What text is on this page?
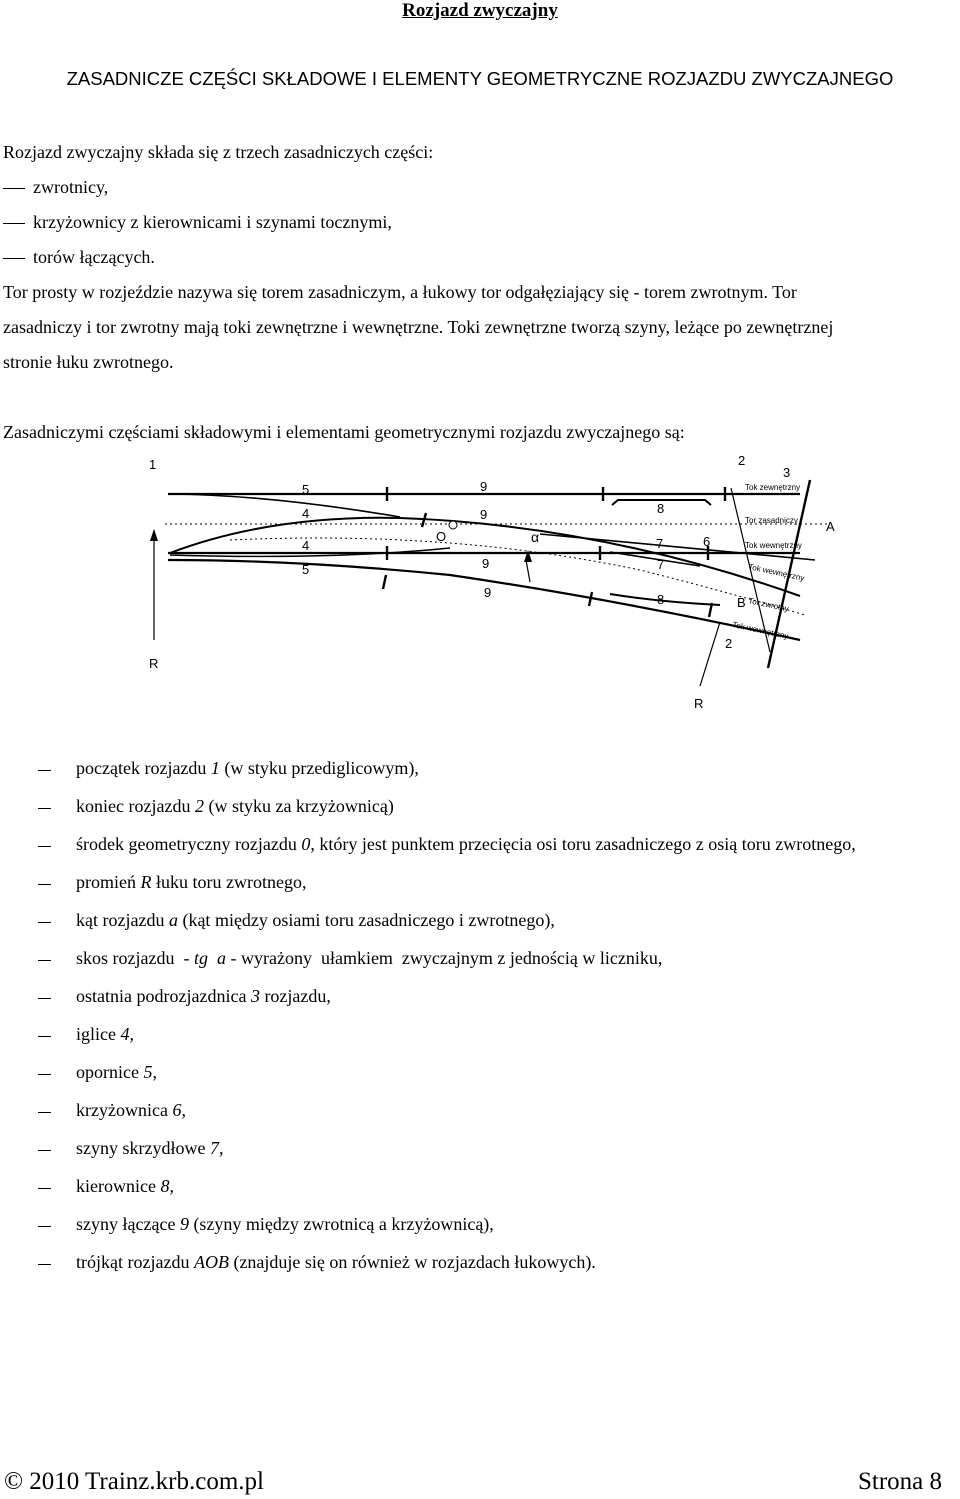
Rozjazd zwyczajny
ZASADNICZE CZĘŚCI SKŁADOWE I ELEMENTY GEOMETRYCZNE ROZJAZDU ZWYCZAJNEGO
Rozjazd zwyczajny składa się z trzech zasadniczych części:
zwrotnicy,
krzyżownicy z kierownicami i szynami tocznymi,
torów łączących.
Tor prosty w rozjeździe nazywa się torem zasadniczym, a łukowy tor odgałęziający się - torem zwrotnym. Tor
zasadniczy i tor zwrotny mają toki zewnętrzne i wewnętrzne. Toki zewnętrzne tworzą szyny, leżące po zewnętrznej
stronie łuku zwrotnego.
Zasadniczymi częściami składowymi i elementami geometrycznymi rozjazdu zwyczajnego są:
1	2
3
5
4
4
5
9
9
9
9
O	α
8
7	6
7
8
A
B
2
R
R
Tok zewnętrzny
Tor zasadniczy
Tok wewnętrzny
Tok wewnętrzny
Tor zwrotny
Tok wewnętrzny
początek rozjazdu 1 (w styku przediglicowym),
koniec rozjazdu 2 (w styku za krzyżownicą)
środek geometryczny rozjazdu 0, który jest punktem przecięcia osi toru zasadniczego z osią toru zwrotnego,
promień R łuku toru zwrotnego,
kąt rozjazdu a (kąt między osiami toru zasadniczego i zwrotnego),
skos rozjazdu  - tg  a - wyrażony  ułamkiem  zwyczajnym z jednością w liczniku,
ostatnia podrozjazdnica 3 rozjazdu,
iglice 4,
opornice 5,
krzyżownica 6,
szyny skrzydłowe 7,
kierownice 8,
szyny łączące 9 (szyny między zwrotnicą a krzyżownicą),
trójkąt rozjazdu AOB (znajduje się on również w rozjazdach łukowych).
© 2010 Trainz.krb.com.pl	Strona 8
